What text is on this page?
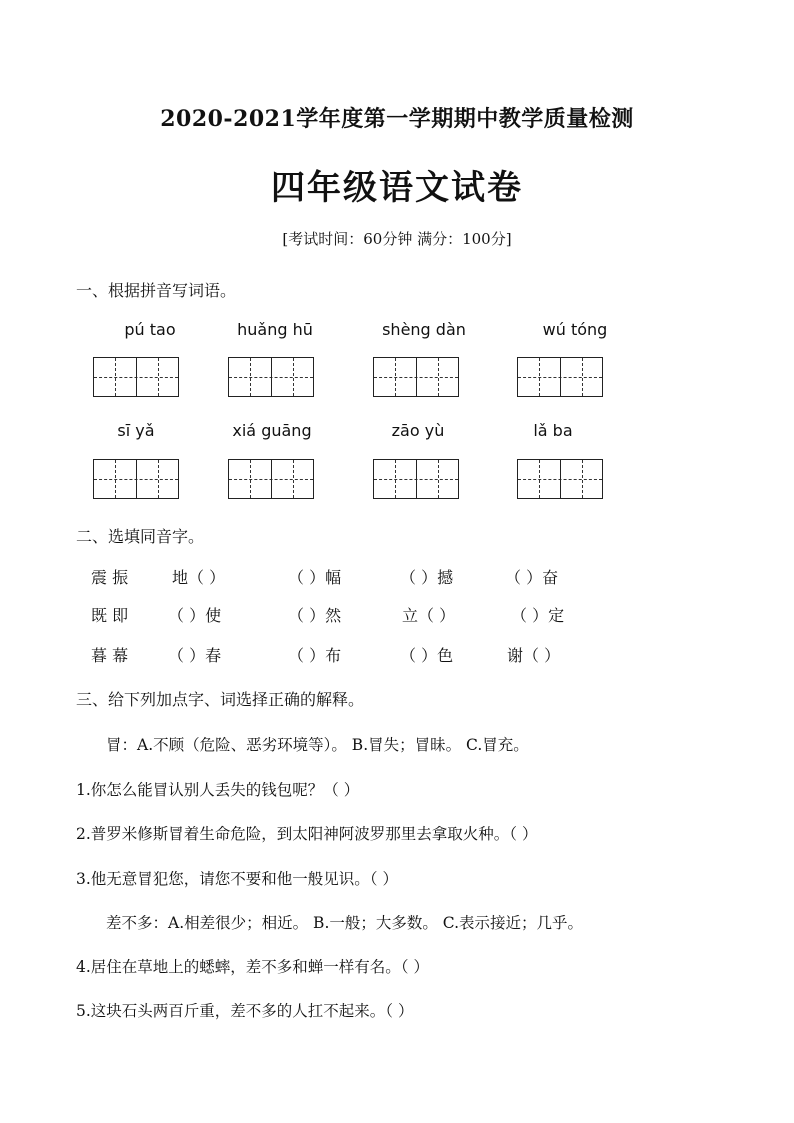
2020-2021学年度第一学期期中教学质量检测
四年级语文试卷
[考试时间：60分钟 满分：100分]
一、根据拼音写词语。
pú tao	huǎng hū	shèng dàn	wú tóng
sī yǎ	xiá guāng	zāo yù	lǎ ba
二、选填同音字。
震 振	地（ ）	（ ）幅	（ ）撼	（ ）奋
既 即 （ ）使	（ ）然	立（ ）	（ ）定
暮 幕 （ ）春	（ ）布	（ ）色	谢（ ）
三、给下列加点字、词选择正确的解释。
冒：A.不顾（危险、恶劣环境等）。 B.冒失；冒昧。 C.冒充。
1.你怎么能冒认别人丢失的钱包呢？（ ）
2.普罗米修斯冒着生命危险，到太阳神阿波罗那里去拿取火种。（ ）
3.他无意冒犯您，请您不要和他一般见识。（ ）
差不多：A.相差很少；相近。 B.一般；大多数。 C.表示接近；几乎。
4.居住在草地上的蟋蟀，差不多和蝉一样有名。（ ）
5.这块石头两百斤重，差不多的人扛不起来。（ ）
